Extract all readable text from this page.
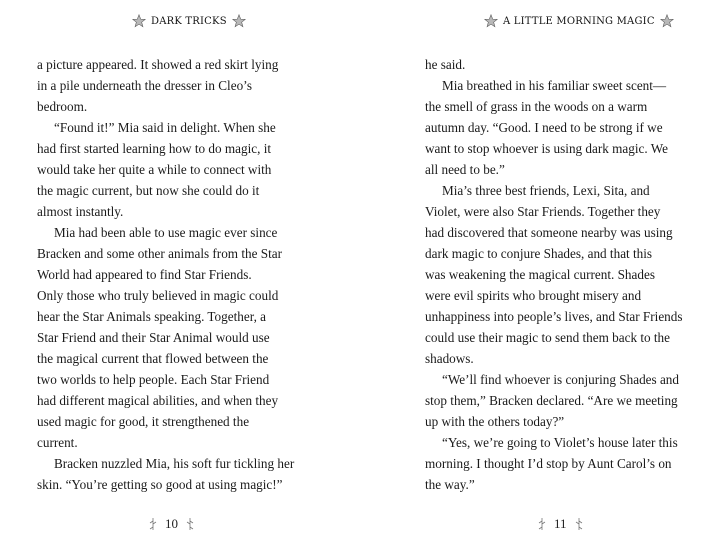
DARK TRICKS
a picture appeared. It showed a red skirt lying
in a pile underneath the dresser in Cleo’s
bedroom.
“Found it!” Mia said in delight. When she
had first started learning how to do magic, it
would take her quite a while to connect with
the magic current, but now she could do it
almost instantly.
Mia had been able to use magic ever since
Bracken and some other animals from the Star
World had appeared to find Star Friends.
Only those who truly believed in magic could
hear the Star Animals speaking. Together, a
Star Friend and their Star Animal would use
the magical current that flowed between the
two worlds to help people. Each Star Friend
had different magical abilities, and when they
used magic for good, it strengthened the
current.
Bracken nuzzled Mia, his soft fur tickling her
skin. “You’re getting so good at using magic!”
10
A LITTLE MORNING MAGIC
he said.
Mia breathed in his familiar sweet scent—
the smell of grass in the woods on a warm
autumn day. “Good. I need to be strong if we
want to stop whoever is using dark magic. We
all need to be.”
Mia’s three best friends, Lexi, Sita, and
Violet, were also Star Friends. Together they
had discovered that someone nearby was using
dark magic to conjure Shades, and that this
was weakening the magical current. Shades
were evil spirits who brought misery and
unhappiness into people’s lives, and Star Friends
could use their magic to send them back to the
shadows.
“We’ll find whoever is conjuring Shades and
stop them,” Bracken declared. “Are we meeting
up with the others today?”
“Yes, we’re going to Violet’s house later this
morning. I thought I’d stop by Aunt Carol’s on
the way.”
11
